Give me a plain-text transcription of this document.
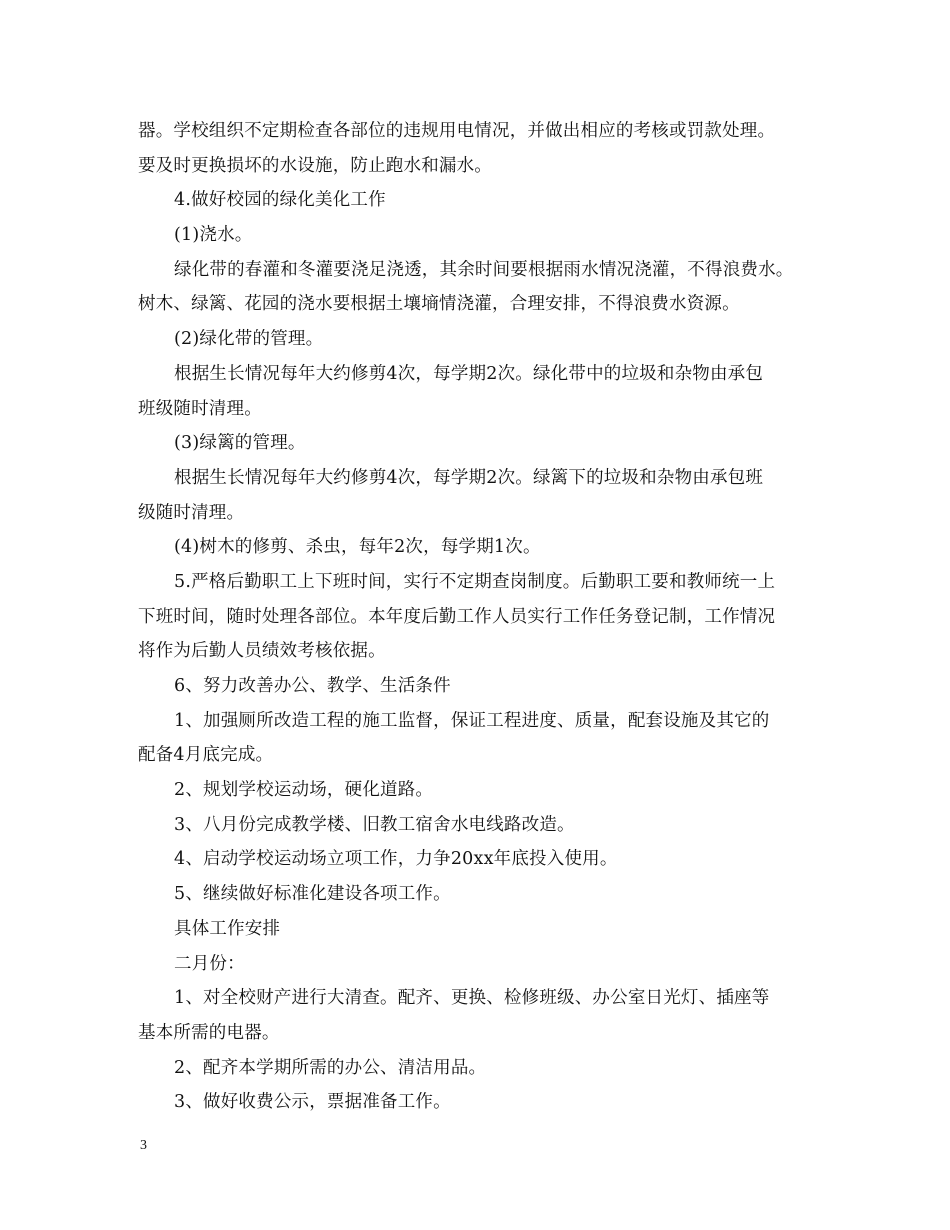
器。学校组织不定期检查各部位的违规用电情况，并做出相应的考核或罚款处理。
要及时更换损坏的水设施，防止跑水和漏水。
4.做好校园的绿化美化工作
(1)浇水。
绿化带的春灌和冬灌要浇足浇透，其余时间要根据雨水情况浇灌，不得浪费水。
树木、绿篱、花园的浇水要根据土壤墒情浇灌，合理安排，不得浪费水资源。
(2)绿化带的管理。
根据生长情况每年大约修剪4次，每学期2次。绿化带中的垃圾和杂物由承包
班级随时清理。
(3)绿篱的管理。
根据生长情况每年大约修剪4次，每学期2次。绿篱下的垃圾和杂物由承包班
级随时清理。
(4)树木的修剪、杀虫，每年2次，每学期1次。
5.严格后勤职工上下班时间，实行不定期查岗制度。后勤职工要和教师统一上
下班时间，随时处理各部位。本年度后勤工作人员实行工作任务登记制，工作情况
将作为后勤人员绩效考核依据。
6、努力改善办公、教学、生活条件
1、加强厕所改造工程的施工监督，保证工程进度、质量，配套设施及其它的
配备4月底完成。
2、规划学校运动场，硬化道路。
3、八月份完成教学楼、旧教工宿舍水电线路改造。
4、启动学校运动场立项工作，力争20xx年底投入使用。
5、继续做好标准化建设各项工作。
具体工作安排
二月份：
1、对全校财产进行大清查。配齐、更换、检修班级、办公室日光灯、插座等
基本所需的电器。
2、配齐本学期所需的办公、清洁用品。
3、做好收费公示，票据准备工作。
3
